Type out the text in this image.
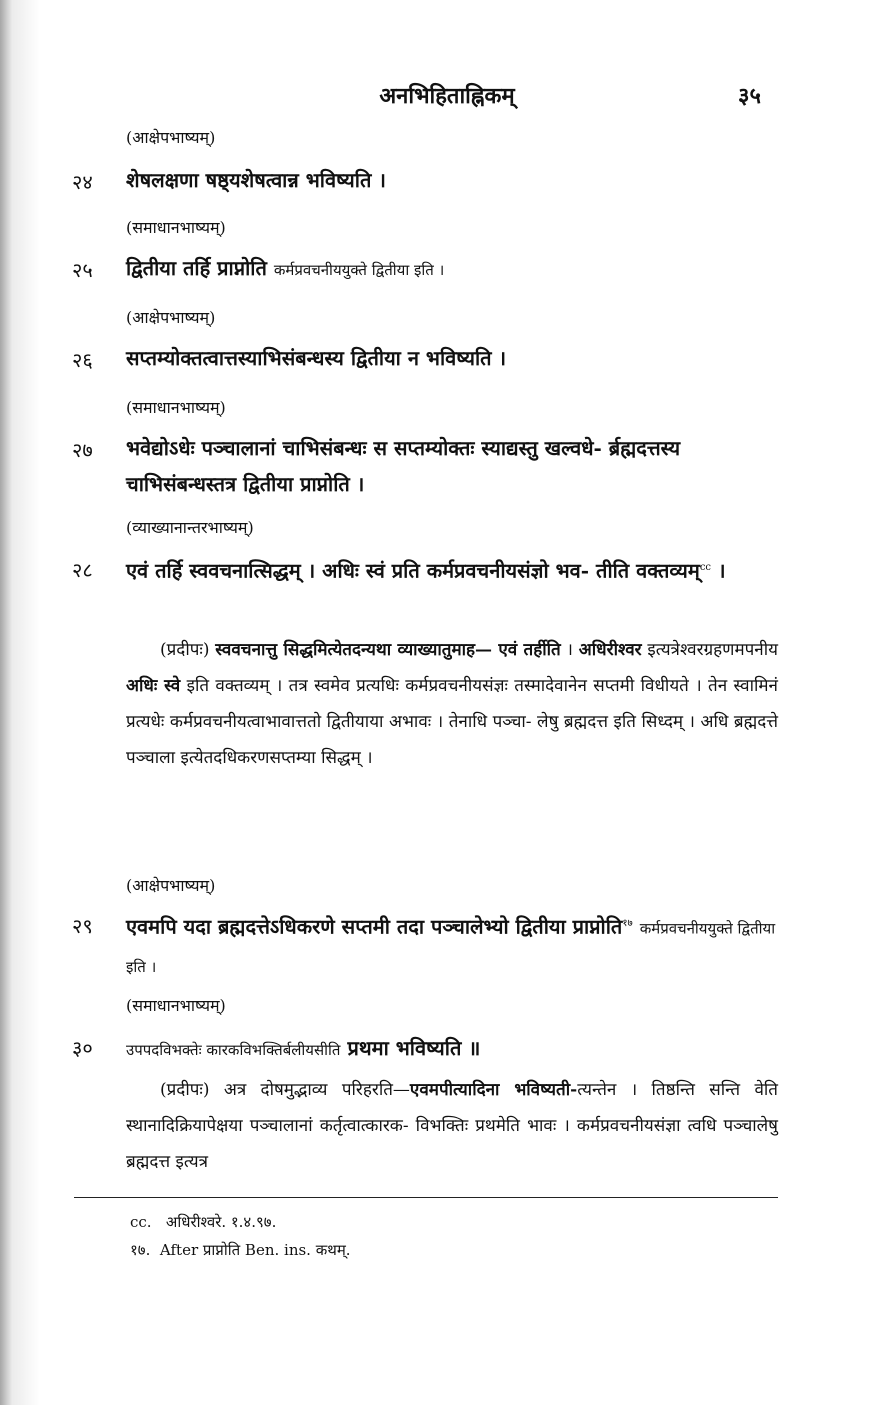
अनभिहिताह्निकम्	३५
(आक्षेपभाष्यम्)
२४ शेषलक्षणा षष्ठ्यशेषत्वान्न भविष्यति ।
(समाधानभाष्यम्)
२५ द्वितीया तर्हि प्राप्नोति कर्मप्रवचनीययुक्ते द्वितीया इति ।
(आक्षेपभाष्यम्)
२६ सप्तम्योक्तत्वात्तस्याभिसंबन्धस्य द्वितीया न भविष्यति ।
(समाधानभाष्यम्)
२७ भवेद्योऽधेः पञ्चालानां चाभिसंबन्धः स सप्तम्योक्तः स्याद्यस्तु खल्वधे- र्ब्रह्मदत्तस्य चाभिसंबन्धस्तत्र द्वितीया प्राप्नोति ।
(व्याख्यानान्तरभाष्यम्)
२८ एवं तर्हि स्ववचनात्सिद्धम् । अधिः स्वं प्रति कर्मप्रवचनीयसंज्ञो भव- तीति वक्तव्यम्$^{cc}$ ।
(प्रदीपः) स्ववचनात्तु सिद्धमित्येतदन्यथा व्याख्यातुमाह— एवं तर्हीति । अधिरीश्वर इत्यत्रेश्वरग्रहणमपनीय अधिः स्वे इति वक्तव्यम् । तत्र स्वमेव प्रत्यधिः कर्मप्रवचनीयसंज्ञः तस्मादेवानेन सप्तमी विधीयते । तेन स्वामिनं प्रत्यधेः कर्मप्रवचनीयत्वाभावात्ततो द्वितीयाया अभावः । तेनाधि पञ्चा- लेषु ब्रह्मदत्त इति सिध्दम् । अधि ब्रह्मदत्ते पञ्चाला इत्येतदधिकरणसप्तम्या सिद्धम् ।
(आक्षेपभाष्यम्)
२९ एवमपि यदा ब्रह्मदत्तेऽधिकरणे सप्तमी तदा पञ्चालेभ्यो द्वितीया प्राप्नोति$^{१७}$ कर्मप्रवचनीययुक्ते द्वितीया इति ।
(समाधानभाष्यम्)
३० उपपदविभक्तेः कारकविभक्तिर्बलीयसीति प्रथमा भविष्यति ॥
(प्रदीपः) अत्र दोषमुद्भाव्य परिहरति—एवमपीत्यादिना भविष्यती-त्यन्तेन । तिष्ठन्ति सन्ति वेति स्थानादिक्रियापेक्षया पञ्चालानां कर्तृत्वात्कारक- विभक्तिः प्रथमेति भावः । कर्मप्रवचनीयसंज्ञा त्वधि पञ्चालेषु ब्रह्मदत्त इत्यत्र
cc. अधिरीश्वरे. १.४.९७.
१७. After प्राप्नोति Ben. ins. कथम्.
